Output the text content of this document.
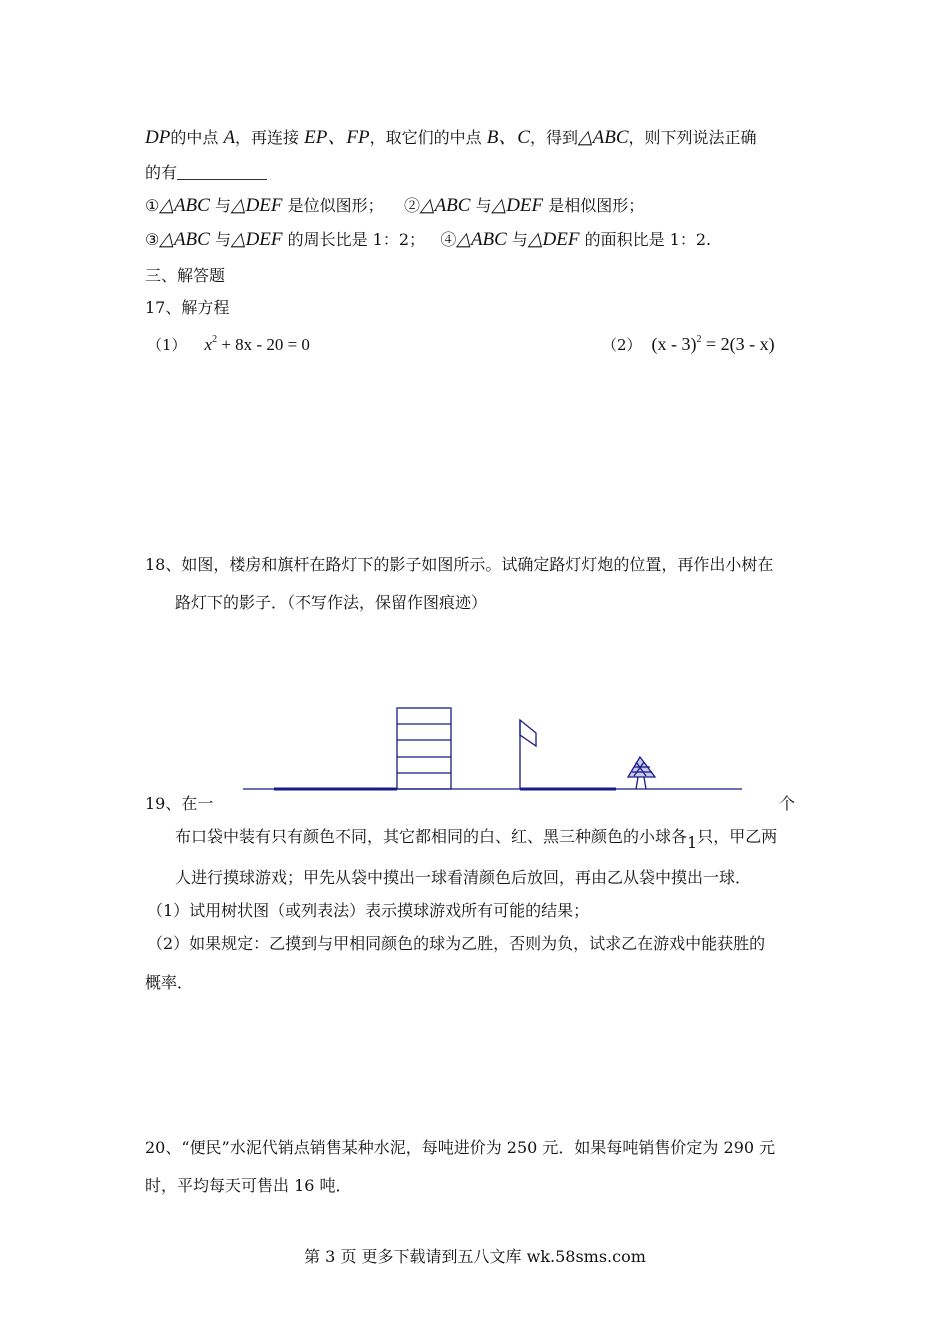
DP的中点 A，再连接 EP、FP，取它们的中点 B、C，得到△ABC，则下列说法正确
的有
①△ABC 与△DEF 是位似图形； ②△ABC 与△DEF 是相似图形；
③△ABC 与△DEF 的周长比是 1：2； ④△ABC 与△DEF 的面积比是 1：2.
三、解答题
17、解方程
（1） $x^2 + 8x - 20 = 0$	（2） (x - 3)$^2$ = 2(3 - x)
18、如图，楼房和旗杆在路灯下的影子如图所示。试确定路灯灯炮的位置，再作出小树在
路灯下的影子．（不写作法，保留作图痕迹）
19、在一	个
布口袋中装有只有颜色不同，其它都相同的白、红、黑三种颜色的小球各1只，甲乙两
人进行摸球游戏；甲先从袋中摸出一球看清颜色后放回，再由乙从袋中摸出一球．
（1）试用树状图（或列表法）表示摸球游戏所有可能的结果；
（2）如果规定：乙摸到与甲相同颜色的球为乙胜，否则为负，试求乙在游戏中能获胜的
概率．
20、“便民”水泥代销点销售某种水泥，每吨进价为 250 元．如果每吨销售价定为 290 元
时，平均每天可售出 16 吨．
第 3 页 更多下载请到五八文库 wk.58sms.com
